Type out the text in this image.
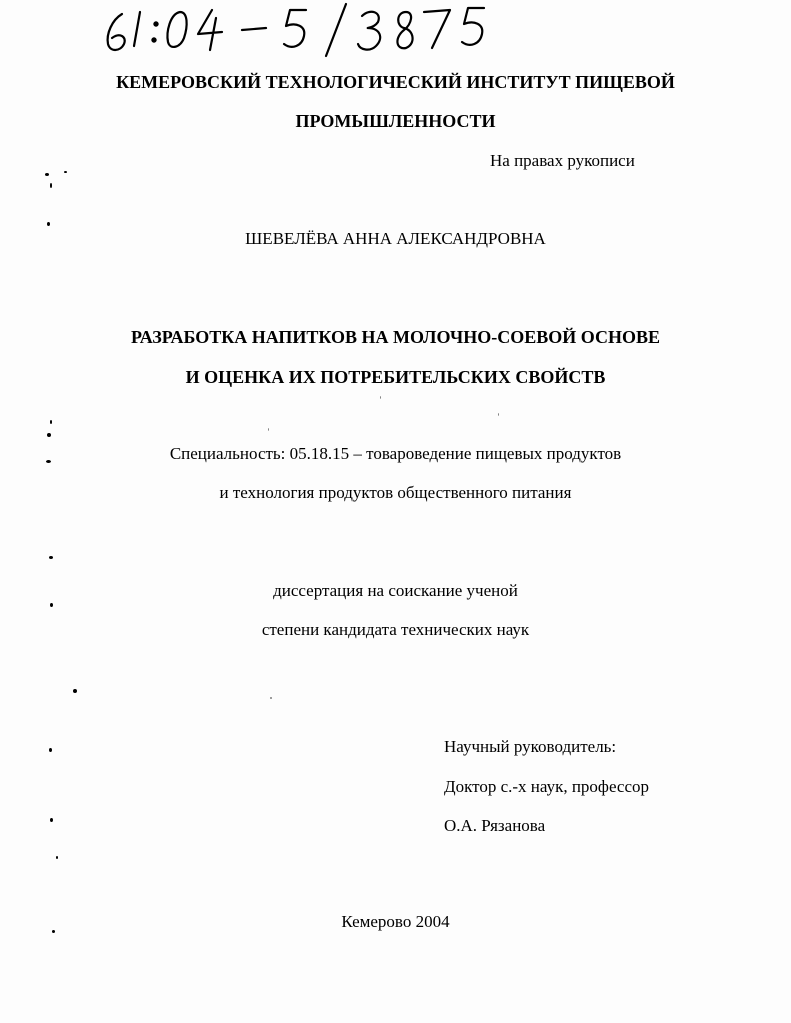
КЕМЕРОВСКИЙ ТЕХНОЛОГИЧЕСКИЙ ИНСТИТУТ ПИЩЕВОЙ
ПРОМЫШЛЕННОСТИ
На правах рукописи
ШЕВЕЛЁВА АННА АЛЕКСАНДРОВНА
РАЗРАБОТКА НАПИТКОВ НА МОЛОЧНО-СОЕВОЙ ОСНОВЕ
И ОЦЕНКА ИХ ПОТРЕБИТЕЛЬСКИХ СВОЙСТВ
Специальность: 05.18.15 – товароведение пищевых продуктов
и технология продуктов общественного питания
диссертация на соискание ученой
степени кандидата технических наук
Научный руководитель:
Доктор с.-х наук, профессор
О.А. Рязанова
Кемерово 2004
